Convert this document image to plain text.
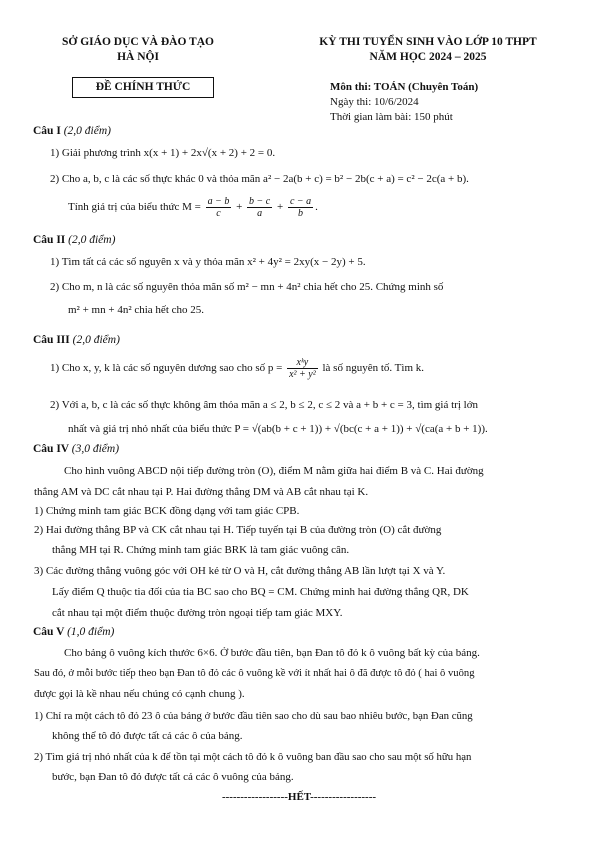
SỞ GIÁO DỤC VÀ ĐÀO TẠO
HÀ NỘI
ĐỀ CHÍNH THỨC
KỲ THI TUYỂN SINH VÀO LỚP 10 THPT
NĂM HỌC 2024 – 2025
Môn thi: TOÁN (Chuyên Toán)
Ngày thi: 10/6/2024
Thời gian làm bài: 150 phút
Câu I (2,0 điểm)
1) Giải phương trình x(x + 1) + 2x√(x + 2) + 2 = 0.
2) Cho a, b, c là các số thực khác 0 và thỏa mãn a² − 2a(b + c) = b² − 2b(c + a) = c² − 2c(a + b).
Tính giá trị của biểu thức $M = \frac{a - b}{c} + \frac{b - c}{a} + \frac{c - a}{b}$ .
Câu II (2,0 điểm)
1) Tìm tất cả các số nguyên x và y thỏa mãn x² + 4y² = 2xy(x − 2y) + 5.
2) Cho m, n là các số nguyên thỏa mãn số m² − mn + 4n² chia hết cho 25. Chứng minh số
m² + mn + 4n² chia hết cho 25.
Câu III (2,0 điểm)
1) Cho x, y, k là các số nguyên dương sao cho số $p = \frac{\text{xᵏy}}{\text{x² + y²}}$ là số nguyên tố. Tìm k.
2) Với a, b, c là các số thực không âm thỏa mãn a ≤ 2, b ≤ 2, c ≤ 2 và a + b + c = 3, tìm giá trị lớn
nhất và giá trị nhỏ nhất của biểu thức P = √(ab(b + c + 1)) + √(bc(c + a + 1)) + √(ca(a + b + 1)).
Câu IV (3,0 điểm)
Cho hình vuông ABCD nội tiếp đường tròn (O), điểm M nằm giữa hai điểm B và C. Hai đường
thẳng AM và DC cắt nhau tại P. Hai đường thẳng DM và AB cắt nhau tại K.
1) Chứng minh tam giác BCK đồng dạng với tam giác CPB.
2) Hai đường thẳng BP và CK cắt nhau tại H. Tiếp tuyến tại B của đường tròn (O) cắt đường
thẳng MH tại R. Chứng minh tam giác BRK là tam giác vuông cân.
3) Các đường thẳng vuông góc với OH kẻ từ O và H, cắt đường thẳng AB lần lượt tại X và Y.
Lấy điểm Q thuộc tia đối của tia BC sao cho BQ = CM. Chứng minh hai đường thẳng QR, DK
cắt nhau tại một điểm thuộc đường tròn ngoại tiếp tam giác MXY.
Câu V (1,0 điểm)
Cho bảng ô vuông kích thước 6×6. Ở bước đầu tiên, bạn Đan tô đỏ k ô vuông bất kỳ của bảng.
Sau đó, ở mỗi bước tiếp theo bạn Đan tô đỏ các ô vuông kề với ít nhất hai ô đã được tô đỏ ( hai ô vuông
được gọi là kề nhau nếu chúng có cạnh chung ).
1) Chỉ ra một cách tô đỏ 23 ô của bảng ở bước đầu tiên sao cho dù sau bao nhiêu bước, bạn Đan cũng
không thể tô đỏ được tất cả các ô của bảng.
2) Tìm giá trị nhỏ nhất của k để tồn tại một cách tô đỏ k ô vuông ban đầu sao cho sau một số hữu hạn
bước, bạn Đan tô đỏ được tất cả các ô vuông của bảng.
------------------HẾT------------------
